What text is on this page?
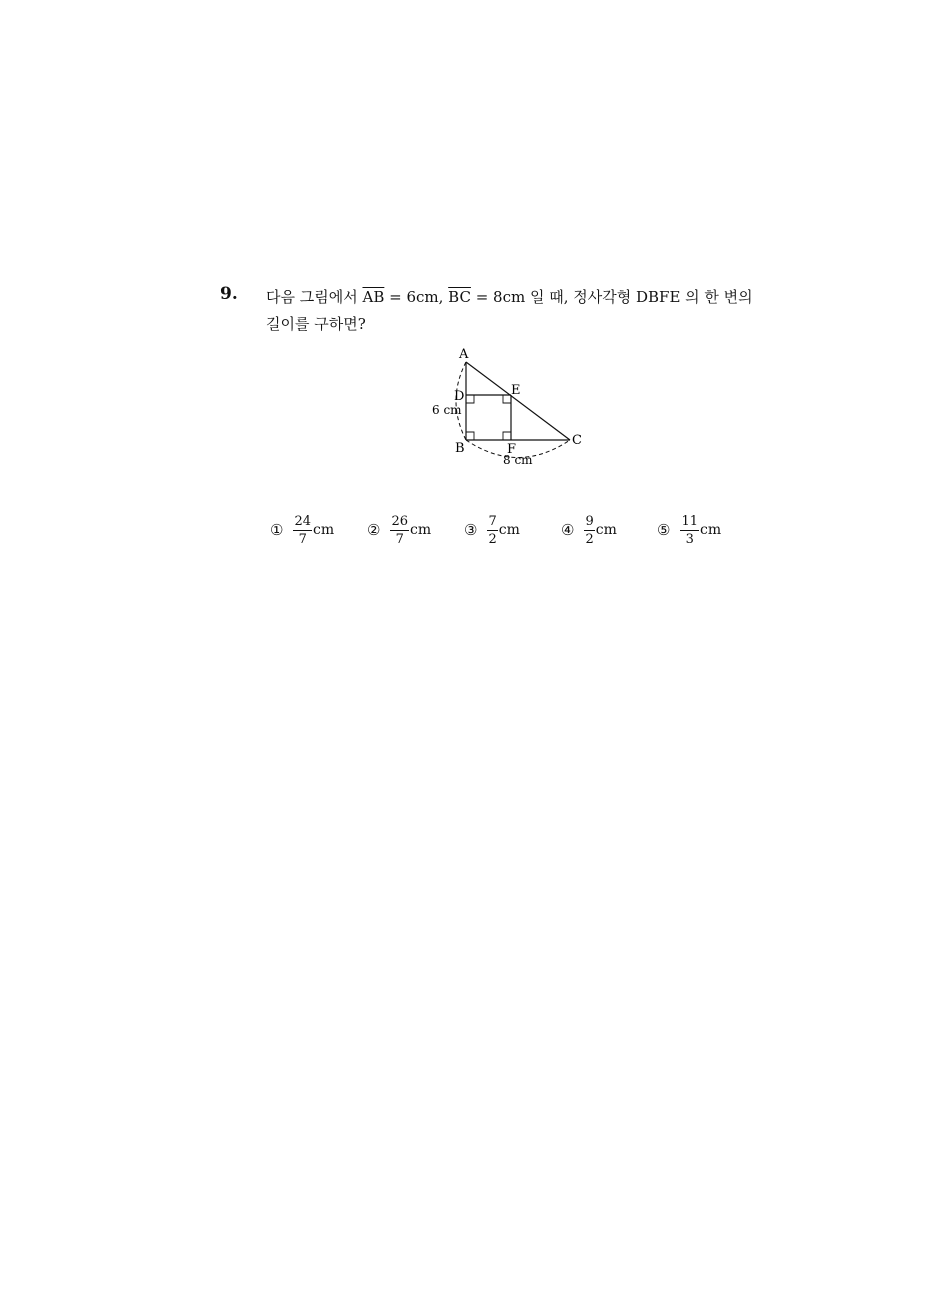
9. 다음 그림에서 $\overline{AB} = 6cm$, $\overline{BC} = 8cm$ 일 때, 정사각형 DBFE 의 한 변의
길이를 구하면?
A
B
C
D	E
F
6 cm
8 cm
① $\frac{24}{7}$ cm ② $\frac{26}{7}$ cm ③ $\frac{7}{2}$ cm	④ $\frac{9}{2}$ cm	⑤ $\frac{11}{3}$ cm
